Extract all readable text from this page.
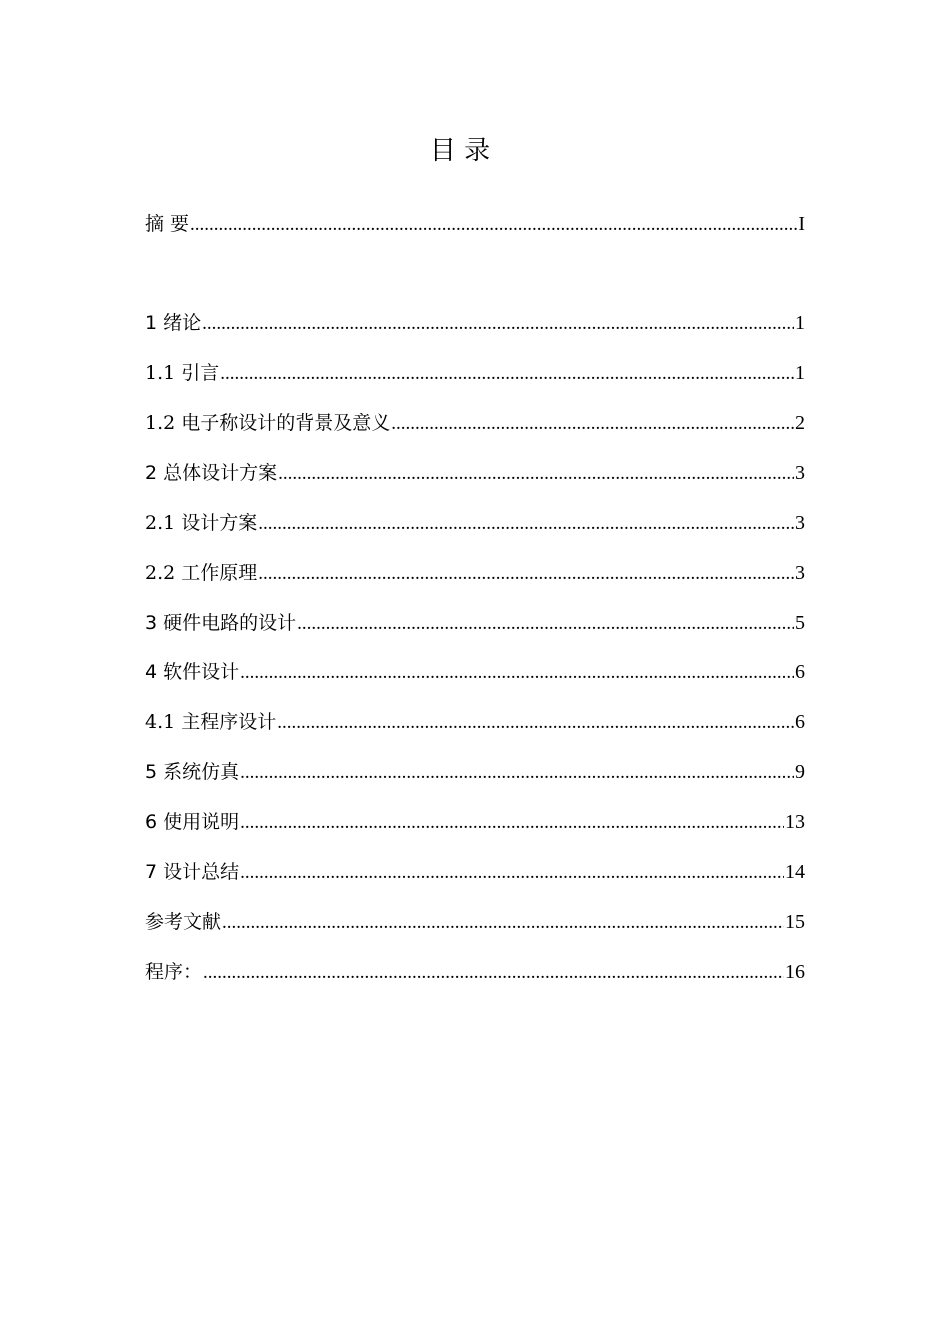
目 录
摘 要 .....	I
1 绪论 .....	1
1.1 引言 .....	1
1.2 电子称设计的背景及意义 .....	2
2 总体设计方案 .....	3
2.1 设计方案 .....	3
2.2 工作原理 .....	3
3 硬件电路的设计 .....	5
4 软件设计 .....	6
4.1 主程序设计 .....	6
5 系统仿真 .....	9
6 使用说明 .....	13
7 设计总结 .....	14
参考文献 .....	15
程序： .....	16
